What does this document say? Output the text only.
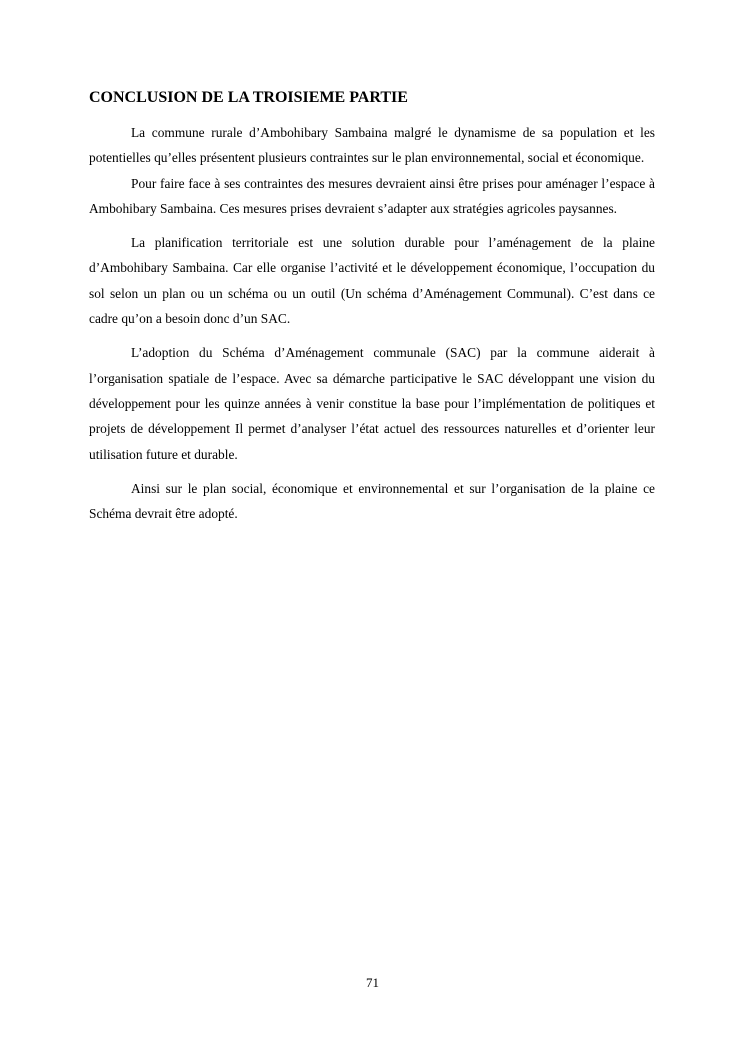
CONCLUSION DE LA TROISIEME PARTIE

La commune rurale d’Ambohibary Sambaina malgré le dynamisme de sa population et les potentielles qu’elles présentent plusieurs contraintes sur le plan environnemental, social et économique.

Pour faire face à ses contraintes des mesures devraient ainsi être prises pour aménager l’espace à Ambohibary Sambaina. Ces mesures prises devraient s’adapter aux stratégies agricoles paysannes.

La planification territoriale est une solution durable pour l’aménagement de la plaine d’Ambohibary Sambaina. Car elle organise l’activité et le développement économique, l’occupation du sol selon un plan ou un schéma ou un outil (Un schéma d’Aménagement Communal). C’est dans ce cadre qu’on a besoin donc d’un SAC.

L’adoption du Schéma d’Aménagement communale (SAC) par la commune aiderait à l’organisation spatiale de l’espace. Avec sa démarche participative le SAC développant une vision du développement pour les quinze années à venir constitue la base pour l’implémentation de politiques et projets de développement Il permet d’analyser l’état actuel des ressources naturelles et d’orienter leur utilisation future et durable.

Ainsi sur le plan social, économique et environnemental et sur l’organisation de la plaine ce Schéma devrait être adopté.

71
